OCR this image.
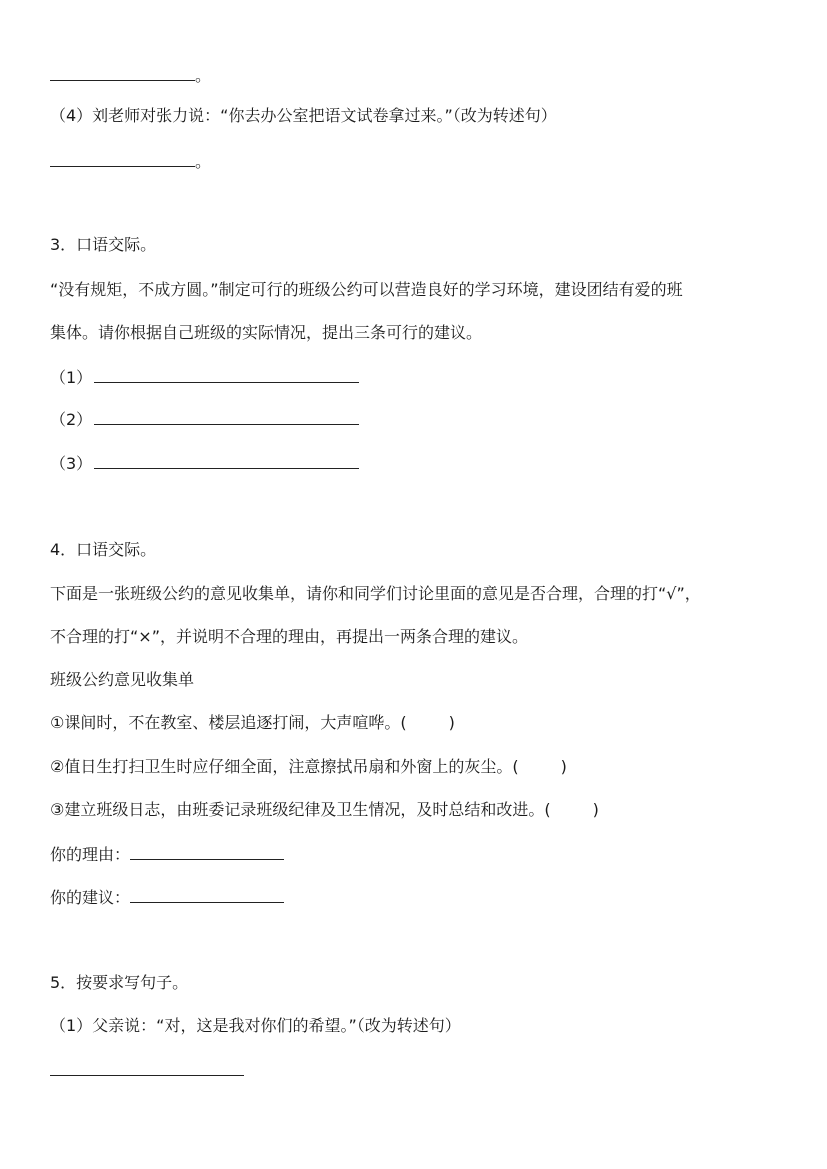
。
（4）刘老师对张力说：“你去办公室把语文试卷拿过来。”（改为转述句）
。
3．口语交际。
“没有规矩，不成方圆。”制定可行的班级公约可以营造良好的学习环境，建设团结有爱的班
集体。请你根据自己班级的实际情况，提出三条可行的建议。
（1）
（2）
（3）
4．口语交际。
下面是一张班级公约的意见收集单，请你和同学们讨论里面的意见是否合理，合理的打“√”，
不合理的打“×”，并说明不合理的理由，再提出一两条合理的建议。
班级公约意见收集单
①课间时，不在教室、楼层追逐打闹，大声喧哗。(	)
②值日生打扫卫生时应仔细全面，注意擦拭吊扇和外窗上的灰尘。(	)
③建立班级日志，由班委记录班级纪律及卫生情况，及时总结和改进。(	)
你的理由：
你的建议：
5．按要求写句子。
（1）父亲说：“对，这是我对你们的希望。”（改为转述句）
